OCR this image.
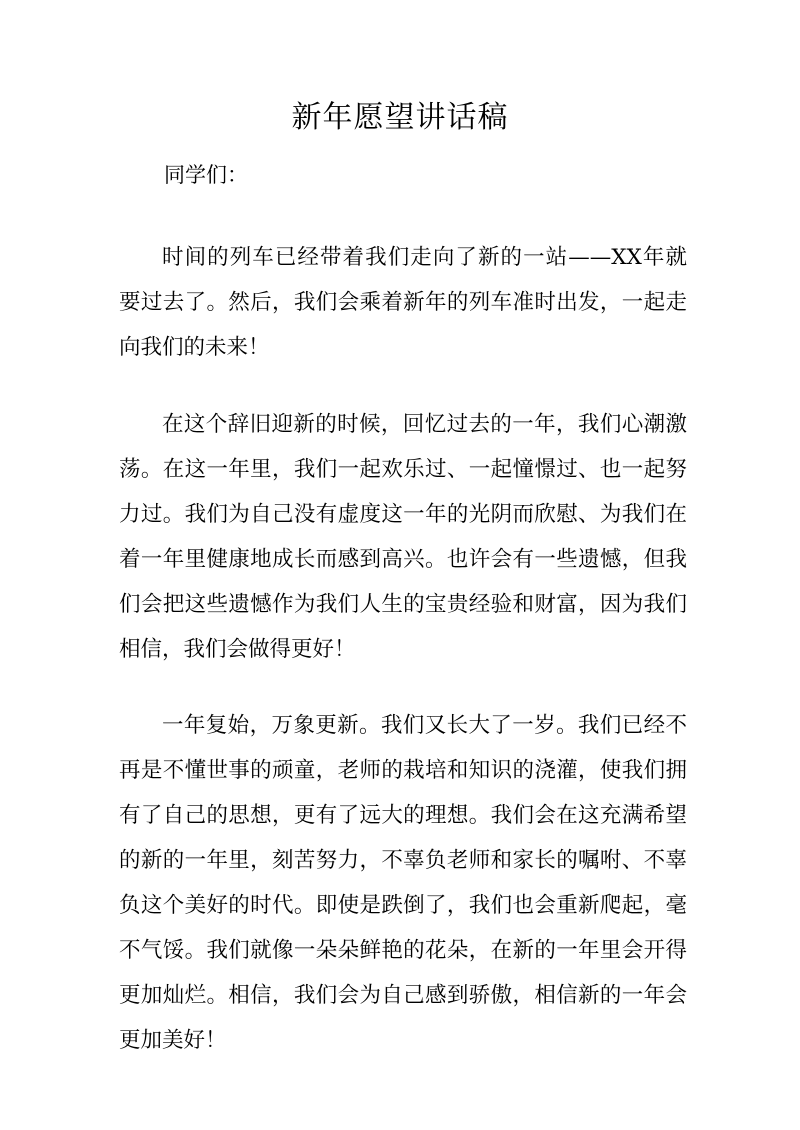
新年愿望讲话稿

同学们：

时间的列车已经带着我们走向了新的一站——XX年就要过去了。然后，我们会乘着新年的列车准时出发，一起走向我们的未来！

在这个辞旧迎新的时候，回忆过去的一年，我们心潮激荡。在这一年里，我们一起欢乐过、一起憧憬过、也一起努力过。我们为自己没有虚度这一年的光阴而欣慰、为我们在着一年里健康地成长而感到高兴。也许会有一些遗憾，但我们会把这些遗憾作为我们人生的宝贵经验和财富，因为我们相信，我们会做得更好！

一年复始，万象更新。我们又长大了一岁。我们已经不再是不懂世事的顽童，老师的栽培和知识的浇灌，使我们拥有了自己的思想，更有了远大的理想。我们会在这充满希望的新的一年里，刻苦努力，不辜负老师和家长的嘱咐、不辜负这个美好的时代。即使是跌倒了，我们也会重新爬起，毫不气馁。我们就像一朵朵鲜艳的花朵，在新的一年里会开得更加灿烂。相信，我们会为自己感到骄傲，相信新的一年会更加美好！
